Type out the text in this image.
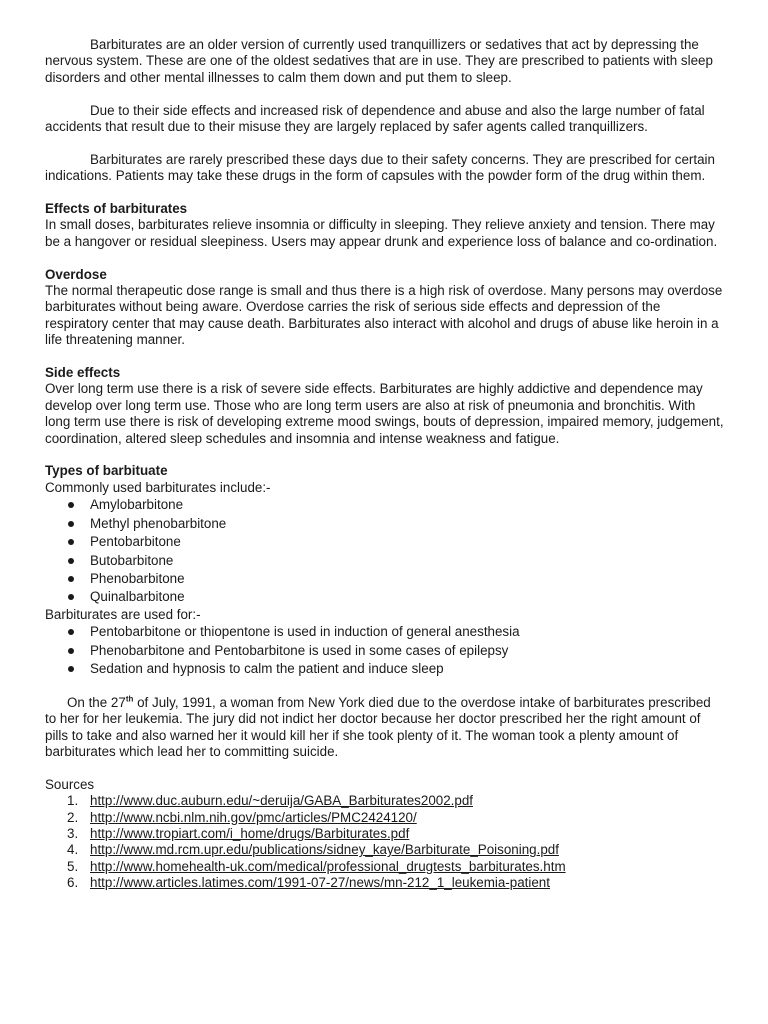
Barbiturates are an older version of currently used tranquillizers or sedatives that act by depressing the nervous system. These are one of the oldest sedatives that are in use. They are prescribed to patients with sleep disorders and other mental illnesses to calm them down and put them to sleep.

Due to their side effects and increased risk of dependence and abuse and also the large number of fatal accidents that result due to their misuse they are largely replaced by safer agents called tranquillizers.

Barbiturates are rarely prescribed these days due to their safety concerns. They are prescribed for certain indications. Patients may take these drugs in the form of capsules with the powder form of the drug within them.

Effects of barbiturates

In small doses, barbiturates relieve insomnia or difficulty in sleeping. They relieve anxiety and tension. There may be a hangover or residual sleepiness. Users may appear drunk and experience loss of balance and co-ordination.

Overdose

The normal therapeutic dose range is small and thus there is a high risk of overdose. Many persons may overdose barbiturates without being aware. Overdose carries the risk of serious side effects and depression of the respiratory center that may cause death. Barbiturates also interact with alcohol and drugs of abuse like heroin in a life threatening manner.

Side effects

Over long term use there is a risk of severe side effects. Barbiturates are highly addictive and dependence may develop over long term use. Those who are long term users are also at risk of pneumonia and bronchitis. With long term use there is risk of developing extreme mood swings, bouts of depression, impaired memory, judgement, coordination, altered sleep schedules and insomnia and intense weakness and fatigue.

Types of barbituate

Commonly used barbiturates include:-

Amylobarbitone
Methyl phenobarbitone
Pentobarbitone
Butobarbitone
Phenobarbitone
Quinalbarbitone

Barbiturates are used for:-

Pentobarbitone or thiopentone is used in induction of general anesthesia
Phenobarbitone and Pentobarbitone is used in some cases of epilepsy
Sedation and hypnosis to calm the patient and induce sleep

On the 27th of July, 1991, a woman from New York died due to the overdose intake of barbiturates prescribed to her for her leukemia. The jury did not indict her doctor because her doctor prescribed her the right amount of pills to take and also warned her it would kill her if she took plenty of it. The woman took a plenty amount of barbiturates which lead her to committing suicide.

Sources

1. http://www.duc.auburn.edu/~deruija/GABA_Barbiturates2002.pdf
2. http://www.ncbi.nlm.nih.gov/pmc/articles/PMC2424120/
3. http://www.tropiart.com/i_home/drugs/Barbiturates.pdf
4. http://www.md.rcm.upr.edu/publications/sidney_kaye/Barbiturate_Poisoning.pdf
5. http://www.homehealth-uk.com/medical/professional_drugtests_barbiturates.htm
6. http://www.articles.latimes.com/1991-07-27/news/mn-212_1_leukemia-patient
